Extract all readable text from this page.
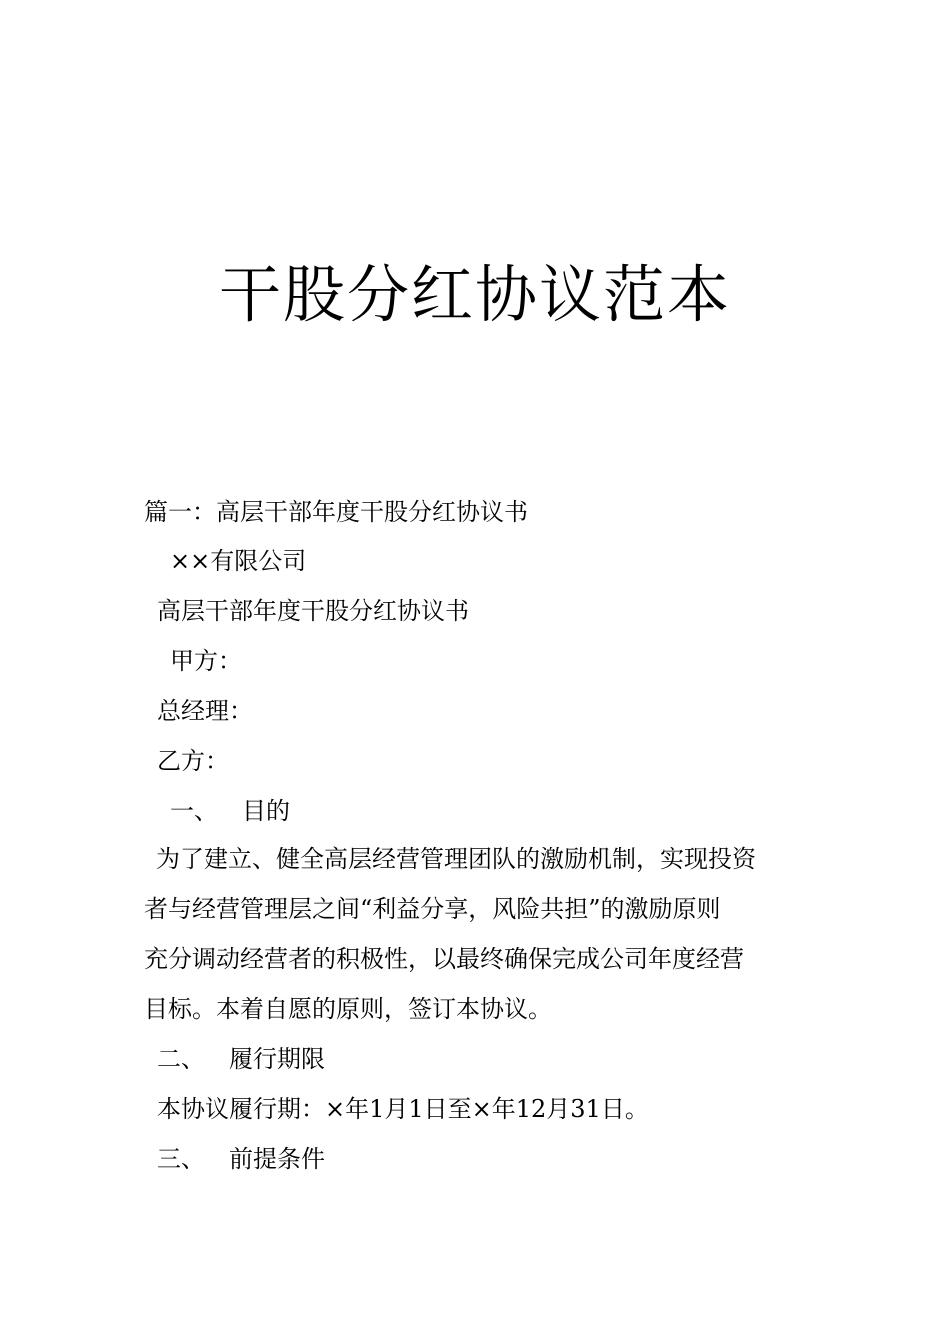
干股分红协议范本
篇一：高层干部年度干股分红协议书
××有限公司
高层干部年度干股分红协议书
甲方：
总经理：
乙方：
一、 目的
为了建立、健全高层经营管理团队的激励机制，实现投资
者与经营管理层之间“利益分享，风险共担”的激励原则
充分调动经营者的积极性，以最终确保完成公司年度经营
目标。本着自愿的原则，签订本协议。
二、 履行期限
本协议履行期：×年1月1日至×年12月31日。
三、 前提条件
